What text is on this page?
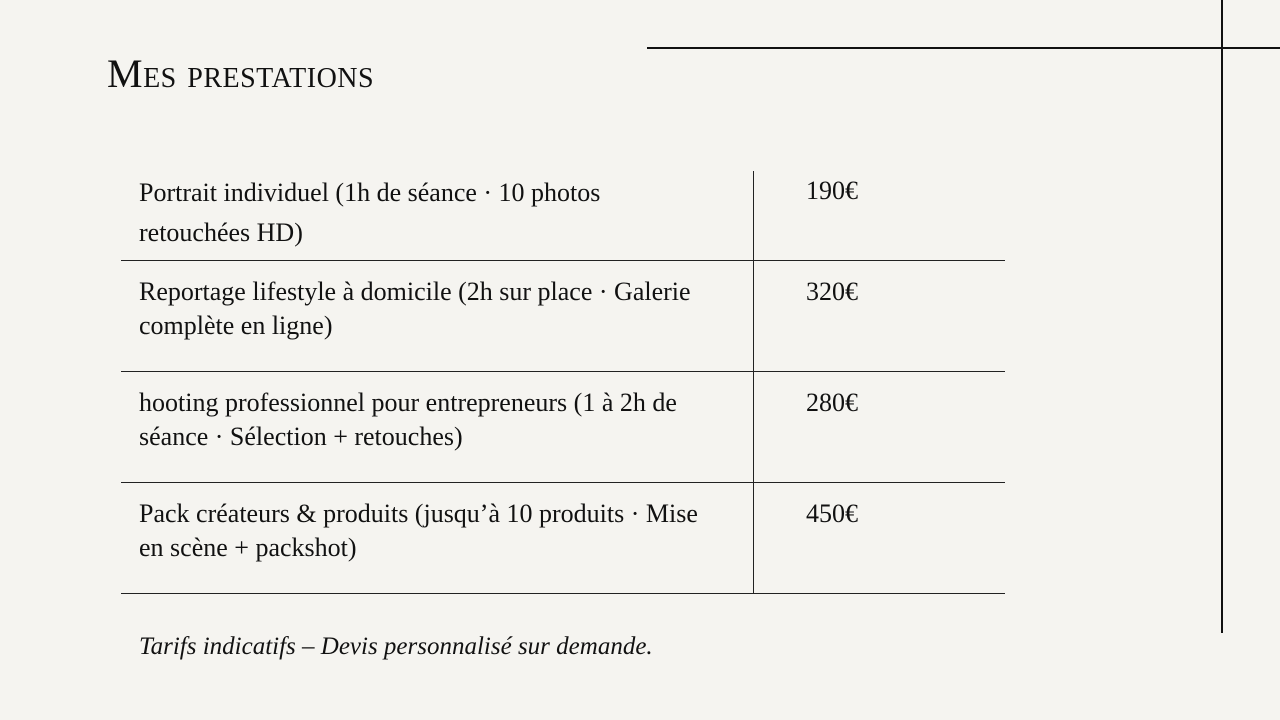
Mes prestations
Portrait individuel (1h de séance · 10 photos retouchées HD)
190€
Reportage lifestyle à domicile (2h sur place · Galerie complète en ligne)
320€
hooting professionnel pour entrepreneurs (1 à 2h de séance · Sélection + retouches)
280€
Pack créateurs & produits (jusqu’à 10 produits · Mise en scène + packshot)
450€
Tarifs indicatifs – Devis personnalisé sur demande.
